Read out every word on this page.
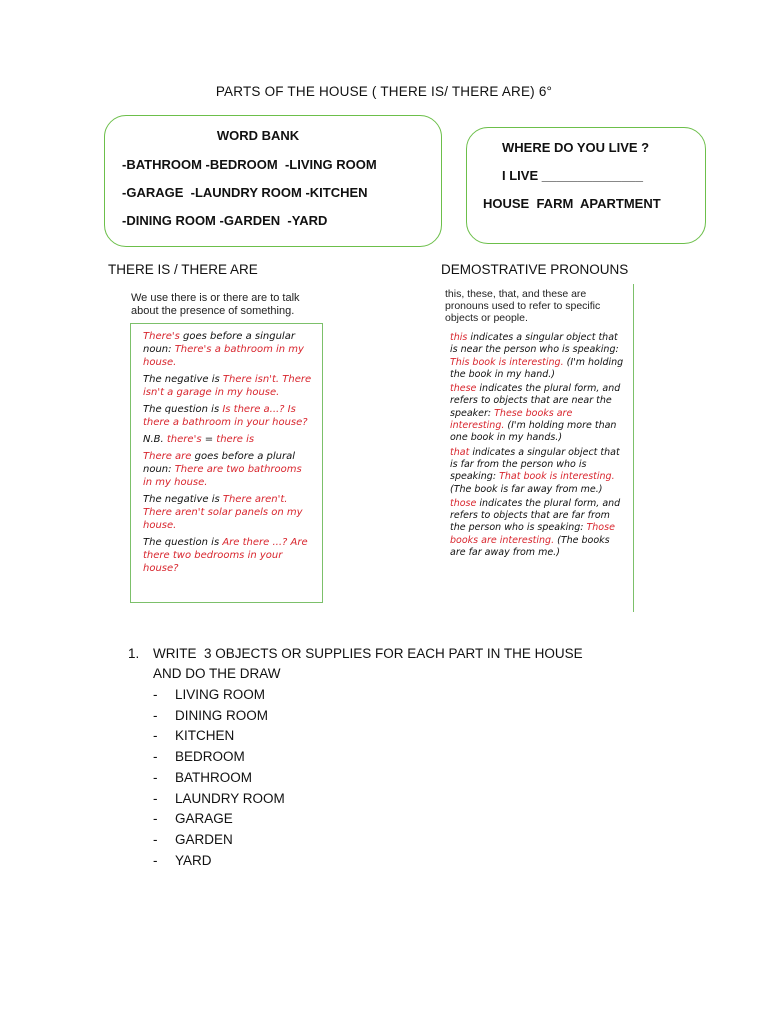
PARTS OF THE HOUSE ( THERE IS/ THERE ARE) 6°
WORD BANK
-BATHROOM -BEDROOM  -LIVING ROOM
-GARAGE  -LAUNDRY ROOM -KITCHEN
-DINING ROOM -GARDEN  -YARD
WHERE DO YOU LIVE ?
I LIVE ______________
HOUSE  FARM  APARTMENT
THERE IS / THERE ARE	DEMOSTRATIVE PRONOUNS
We use there is or there are to talk
about the presence of something.
There's goes before a singular noun: There's a bathroom in my house.
The negative is There isn't. There isn't a garage in my house.
The question is Is there a...? Is there a bathroom in your house?
N.B. there's = there is
There are goes before a plural noun: There are two bathrooms in my house.
The negative is There aren't. There aren't solar panels on my house.
The question is Are there ...? Are there two bedrooms in your house?
this, these, that, and these are
pronouns used to refer to specific
objects or people.
this indicates a singular object that is near the person who is speaking: This book is interesting. (I'm holding the book in my hand.)
these indicates the plural form, and refers to objects that are near the speaker: These books are interesting. (I'm holding more than one book in my hands.)
that indicates a singular object that is far from the person who is speaking: That book is interesting. (The book is far away from me.)
those indicates the plural form, and refers to objects that are far from the person who is speaking: Those books are interesting. (The books are far away from me.)
1. WRITE  3 OBJECTS OR SUPPLIES FOR EACH PART IN THE HOUSE
AND DO THE DRAW
- LIVING ROOM
- DINING ROOM
- KITCHEN
- BEDROOM
- BATHROOM
- LAUNDRY ROOM
- GARAGE
- GARDEN
- YARD
